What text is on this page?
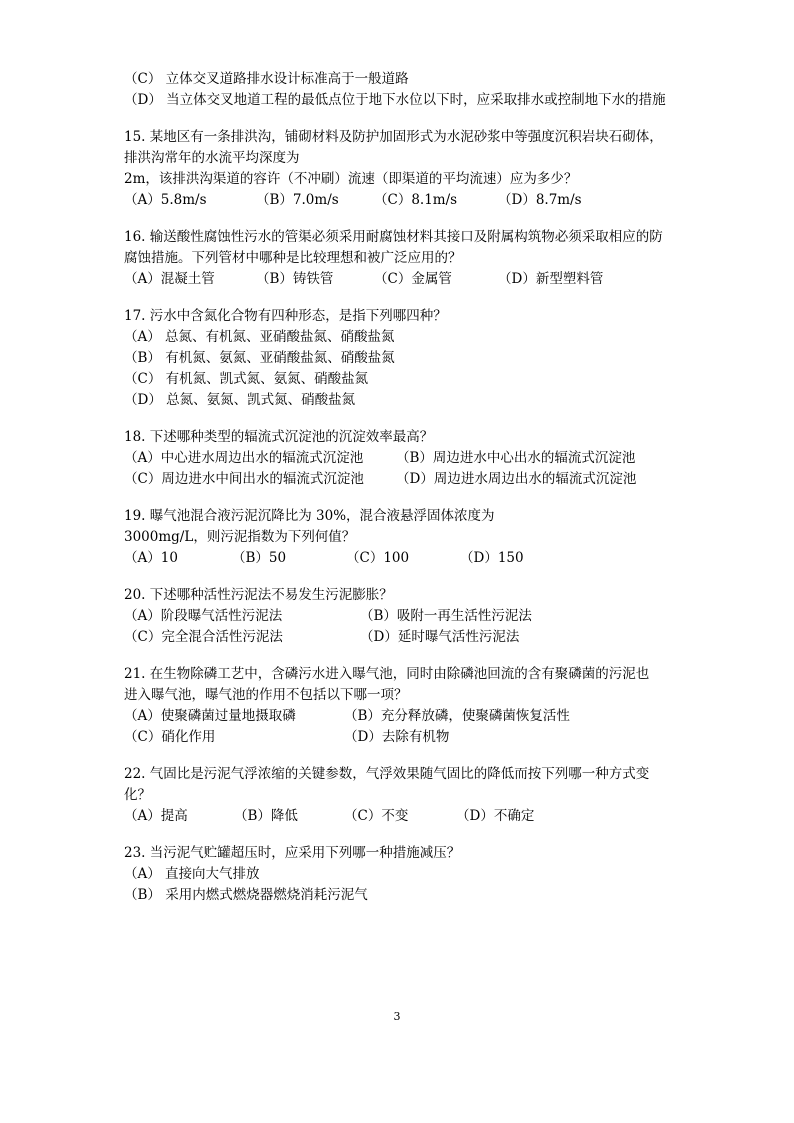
（C） 立体交叉道路排水设计标准高于一般道路
（D） 当立体交叉地道工程的最低点位于地下水位以下时，应采取排水或控制地下水的措施
15. 某地区有一条排洪沟，铺砌材料及防护加固形式为水泥砂浆中等强度沉积岩块石砌体，
排洪沟常年的水流平均深度为
2m，该排洪沟渠道的容许（不冲刷）流速（即渠道的平均流速）应为多少？
（A）5.8m/s	（B）7.0m/s	（C）8.1m/s	（D）8.7m/s
16. 输送酸性腐蚀性污水的管渠必须采用耐腐蚀材料其接口及附属构筑物必须采取相应的防
腐蚀措施。下列管材中哪种是比较理想和被广泛应用的？
（A）混凝土管	（B）铸铁管	（C）金属管	（D）新型塑料管
17. 污水中含氮化合物有四种形态，是指下列哪四种？
（A） 总氮、有机氮、亚硝酸盐氮、硝酸盐氮
（B） 有机氮、氨氮、亚硝酸盐氮、硝酸盐氮
（C） 有机氮、凯式氮、氨氮、硝酸盐氮
（D） 总氮、氨氮、凯式氮、硝酸盐氮
18. 下述哪种类型的辐流式沉淀池的沉淀效率最高？
（A）中心进水周边出水的辐流式沉淀池	（B）周边进水中心出水的辐流式沉淀池
（C）周边进水中间出水的辐流式沉淀池	（D）周边进水周边出水的辐流式沉淀池
19. 曝气池混合液污泥沉降比为 30%，混合液悬浮固体浓度为
3000mg/L，则污泥指数为下列何值？
（A）10	（B）50	（C）100	（D）150
20. 下述哪种活性污泥法不易发生污泥膨胀？
（A）阶段曝气活性污泥法	（B）吸附一再生活性污泥法
（C）完全混合活性污泥法	（D）延时曝气活性污泥法
21. 在生物除磷工艺中，含磷污水进入曝气池，同时由除磷池回流的含有聚磷菌的污泥也
进入曝气池，曝气池的作用不包括以下哪一项？
（A）使聚磷菌过量地摄取磷	（B）充分释放磷，使聚磷菌恢复活性
（C）硝化作用	（D）去除有机物
22. 气固比是污泥气浮浓缩的关键参数，气浮效果随气固比的降低而按下列哪一种方式变
化？
（A）提高	（B）降低	（C）不变	（D）不确定
23. 当污泥气贮罐超压时，应采用下列哪一种措施减压？
（A） 直接向大气排放
（B） 采用内燃式燃烧器燃烧消耗污泥气
3
